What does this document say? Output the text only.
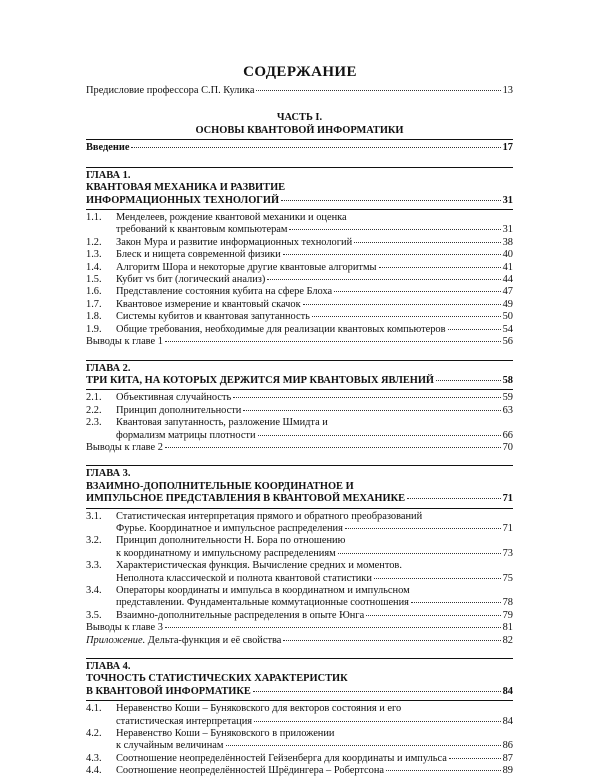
СОДЕРЖАНИЕ
Предисловие профессора С.П. Кулика	13
ЧАСТЬ I.
ОСНОВЫ КВАНТОВОЙ ИНФОРМАТИКИ
Введение	17
ГЛАВА 1.
КВАНТОВАЯ МЕХАНИКА И РАЗВИТИЕ
ИНФОРМАЦИОННЫХ ТЕХНОЛОГИЙ	31
1.1.	Менделеев, рождение квантовой механики и оценка
требований к квантовым компьютерам	31
1.2.	Закон Мура и развитие информационных технологий	38
1.3.	Блеск и нищета современной физики	40
1.4.	Алгоритм Шора и некоторые другие квантовые алгоритмы	41
1.5.	Кубит vs бит (логический анализ)	44
1.6.	Представление состояния кубита на сфере Блоха	47
1.7.	Квантовое измерение и квантовый скачок	49
1.8.	Системы кубитов и квантовая запутанность	50
1.9.	Общие требования, необходимые для реализации квантовых компьютеров	54
Выводы к главе 1	56
ГЛАВА 2.
ТРИ КИТА, НА КОТОРЫХ ДЕРЖИТСЯ МИР КВАНТОВЫХ ЯВЛЕНИЙ	58
2.1.	Объективная случайность	59
2.2.	Принцип дополнительности	63
2.3.	Квантовая запутанность, разложение Шмидта и
формализм матрицы плотности	66
Выводы к главе 2	70
ГЛАВА 3.
ВЗАИМНО-ДОПОЛНИТЕЛЬНЫЕ КООРДИНАТНОЕ И
ИМПУЛЬСНОЕ ПРЕДСТАВЛЕНИЯ В КВАНТОВОЙ МЕХАНИКЕ	71
3.1.	Статистическая интерпретация прямого и обратного преобразований
Фурье. Координатное и импульсное распределения	71
3.2.	Принцип дополнительности Н. Бора по отношению
к координатному и импульсному распределениям	73
3.3.	Характеристическая функция. Вычисление средних и моментов.
Неполнота классической и полнота квантовой статистики	75
3.4.	Операторы координаты и импульса в координатном и импульсном
представлении. Фундаментальные коммутационные соотношения	78
3.5.	Взаимно-дополнительные распределения в опыте Юнга	79
Выводы к главе 3	81
Приложение. Дельта-функция и её свойства	82
ГЛАВА 4.
ТОЧНОСТЬ СТАТИСТИЧЕСКИХ ХАРАКТЕРИСТИК
В КВАНТОВОЙ ИНФОРМАТИКЕ	84
4.1.	Неравенство Коши – Буняковского для векторов состояния и его
статистическая интерпретация	84
4.2.	Неравенство Коши – Буняковского в приложении
к случайным величинам	86
4.3.	Соотношение неопределённостей Гейзенберга для координаты и импульса	87
4.4.	Соотношение неопределённостей Шрёдингера – Робертсона	89
